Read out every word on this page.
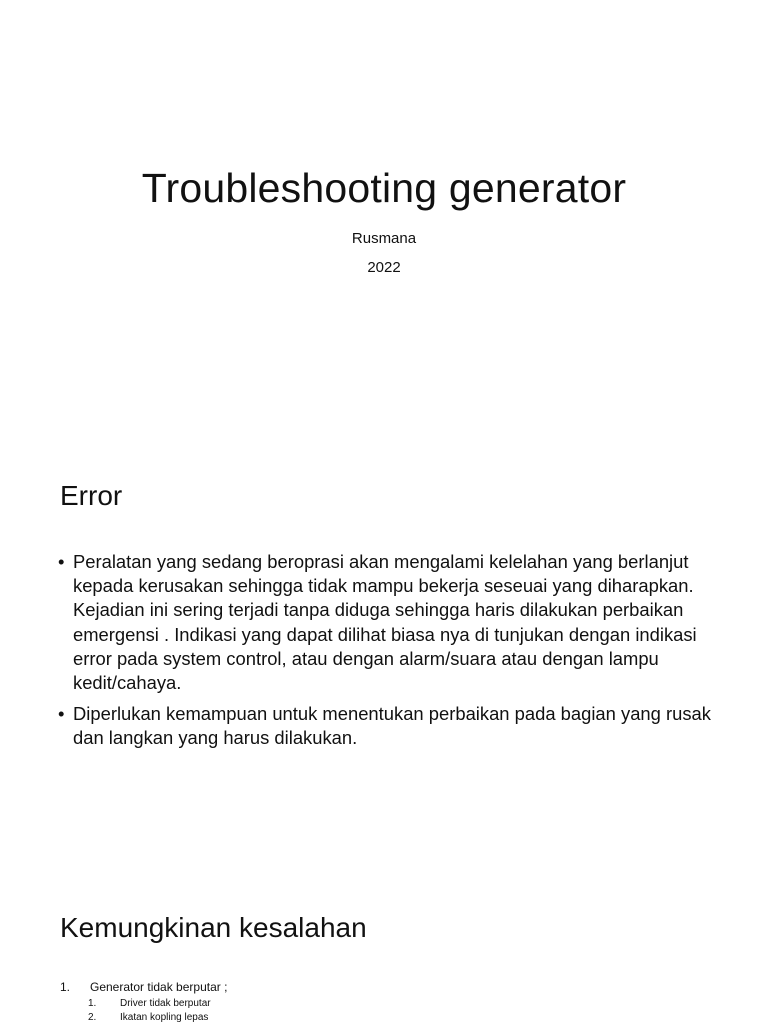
Troubleshooting generator

Rusmana

2022

Error
• Peralatan yang sedang beroprasi akan mengalami kelelahan yang berlanjut kepada kerusakan sehingga tidak mampu bekerja seseuai yang diharapkan. Kejadian ini sering terjadi tanpa diduga sehingga haris dilakukan perbaikan emergensi . Indikasi yang dapat dilihat biasa nya di tunjukan dengan indikasi error pada system control, atau dengan alarm/suara atau dengan lampu kedit/cahaya.
• Diperlukan kemampuan untuk menentukan perbaikan pada bagian yang rusak dan langkan yang harus dilakukan.
Kemungkinan kesalahan
1. Generator tidak berputar ;
1. Driver tidak berputar
2. Ikatan kopling lepas
